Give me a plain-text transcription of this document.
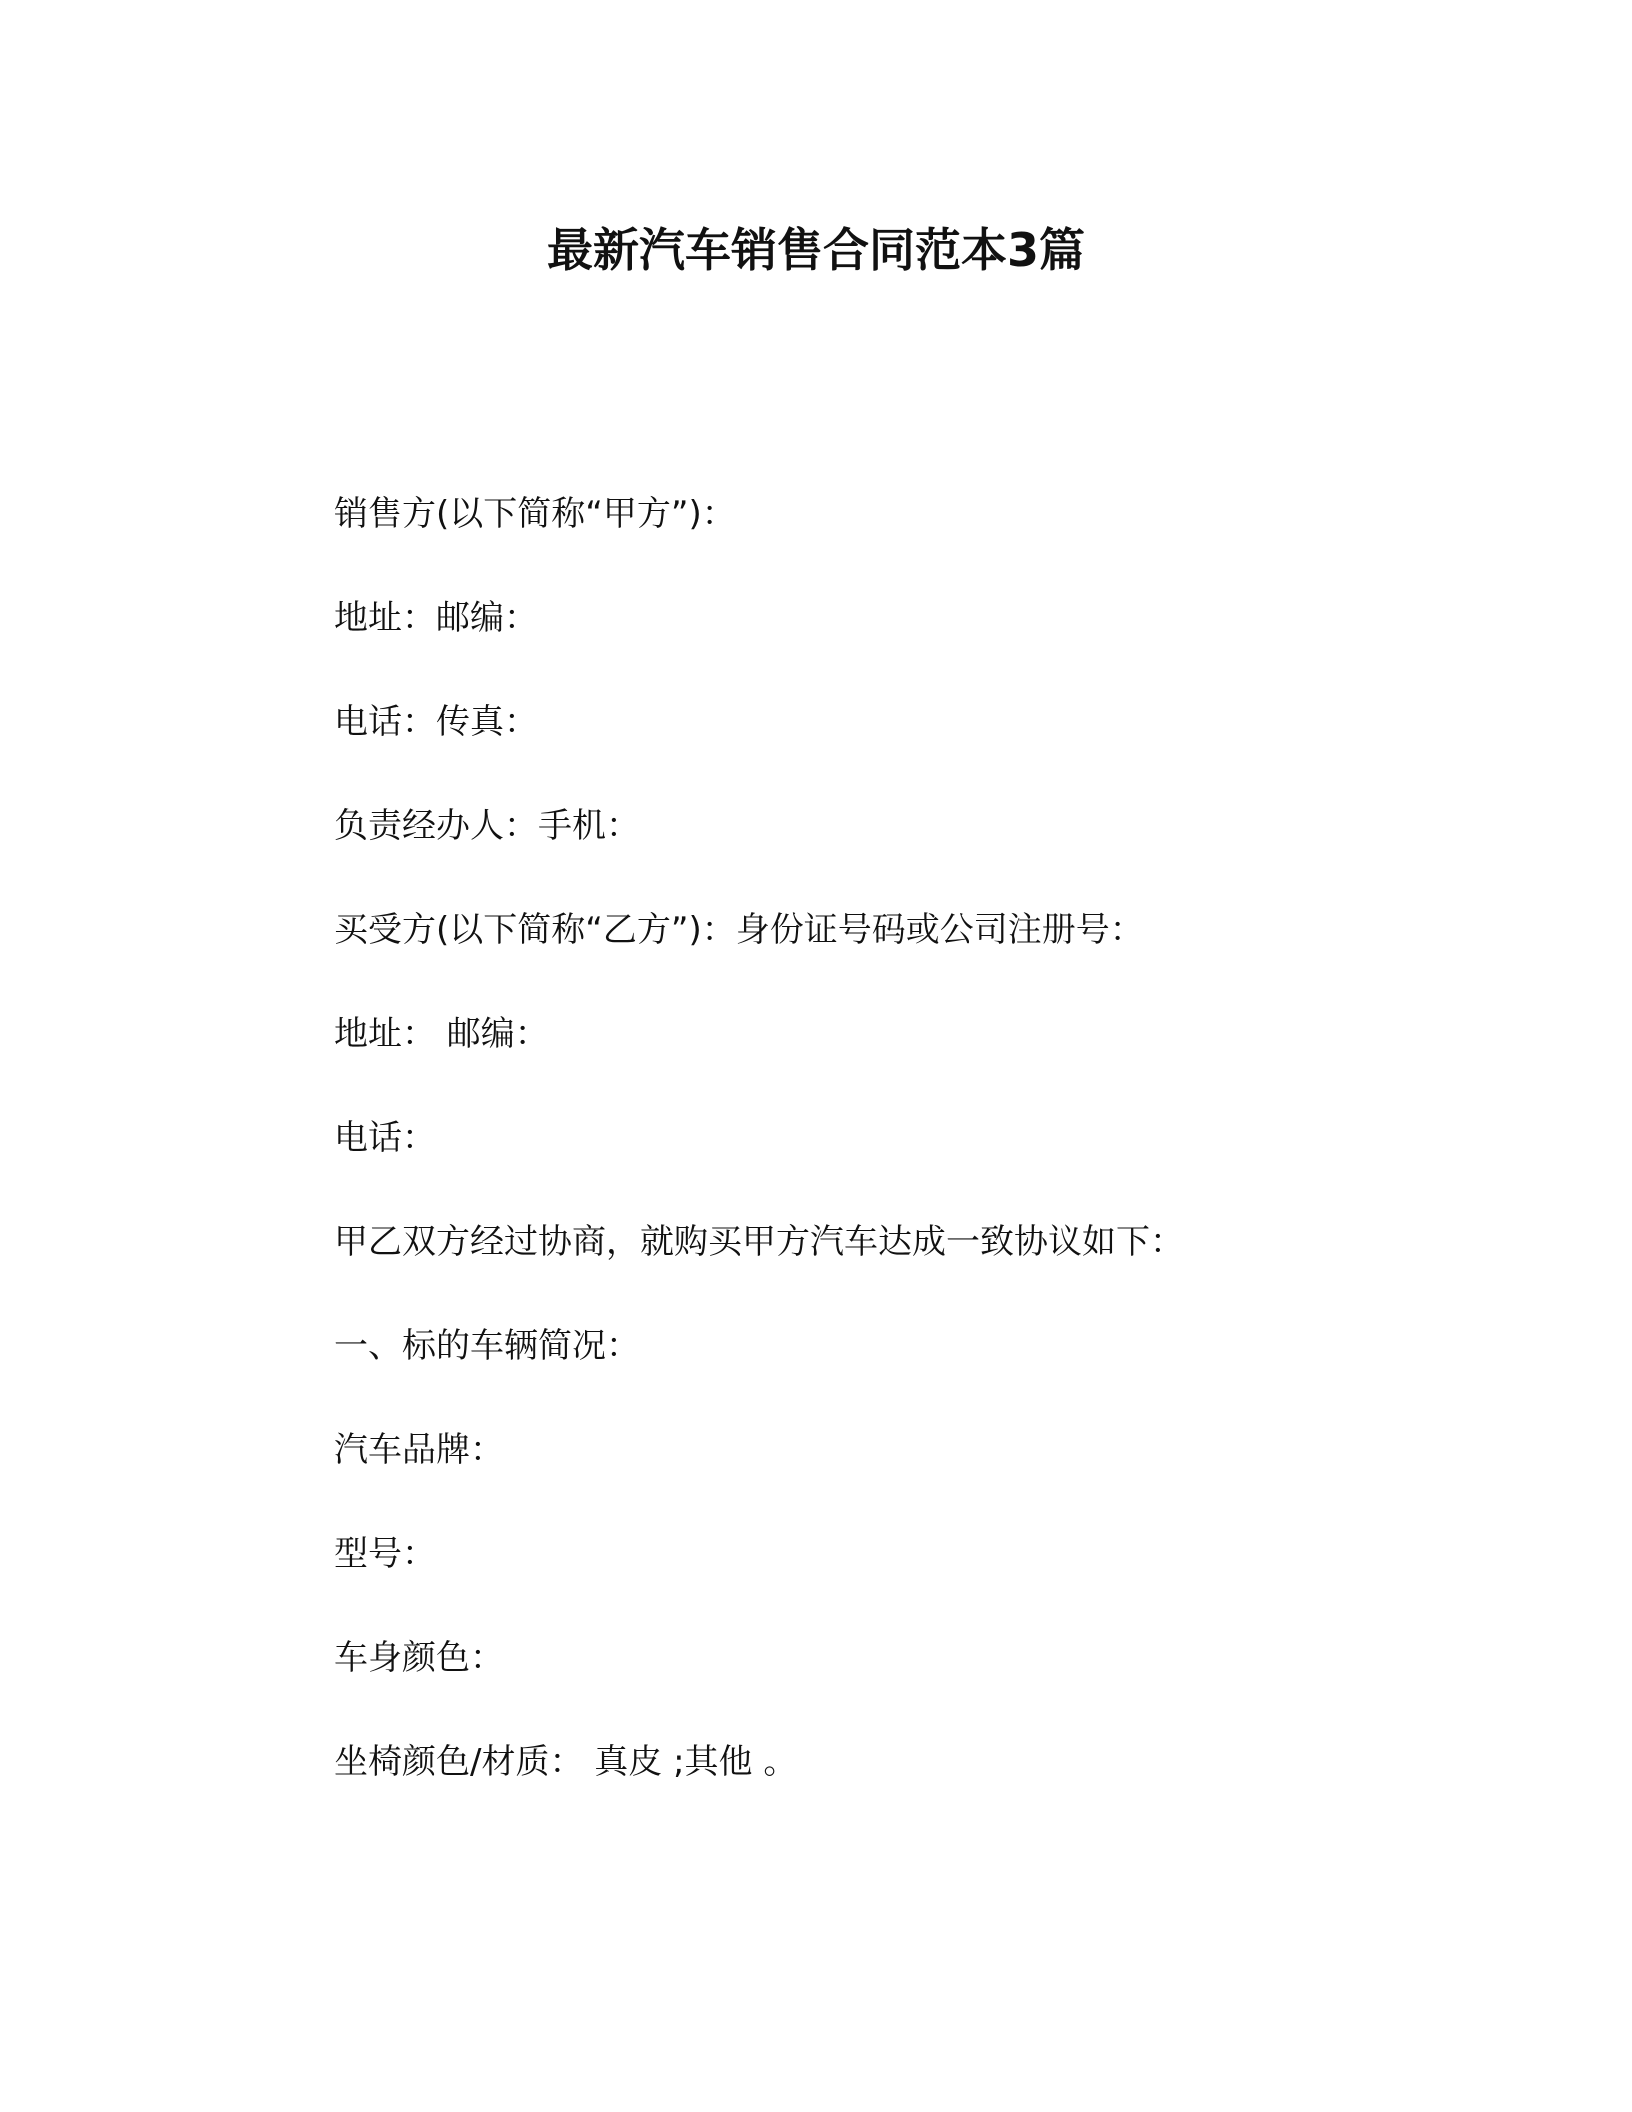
最新汽车销售合同范本3篇

销售方(以下简称“甲方”)：

地址：邮编：

电话：传真：

负责经办人：手机：

买受方(以下简称“乙方”)：身份证号码或公司注册号：

地址： 邮编：

电话：

甲乙双方经过协商，就购买甲方汽车达成一致协议如下：

一、标的车辆简况：

汽车品牌：

型号：

车身颜色：

坐椅颜色/材质： 真皮 ;其他 。
